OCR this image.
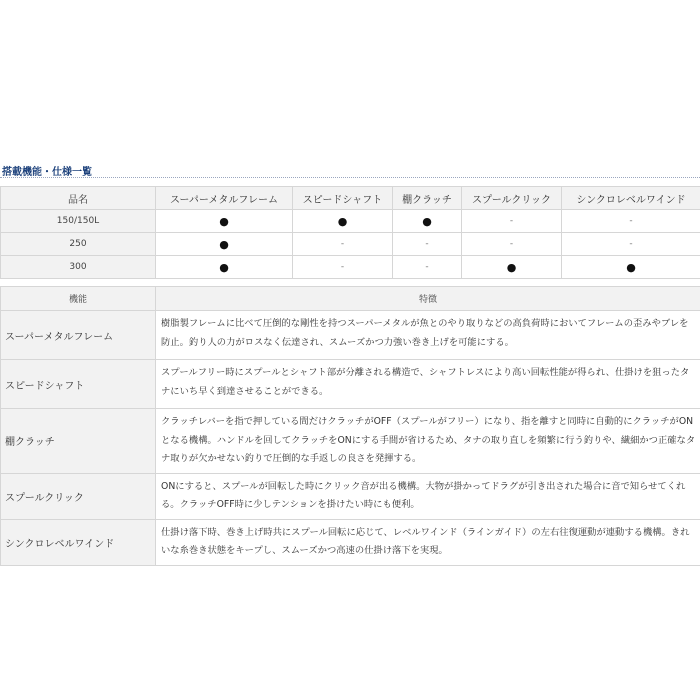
搭載機能・仕様一覧
品名	スーパーメタルフレーム	スピードシャフト	棚クラッチ	スプールクリック	シンクロレベルワインド
150/150L	●	●	●	-	-
250	●	-	-	-	-
300	●	-	-	●	●
機能	特徴
スーパーメタルフレーム	樹脂製フレームに比べて圧倒的な剛性を持つスーパーメタルが魚とのやり取りなどの高負荷時においてフレームの歪みやブレを防止。釣り人の力がロスなく伝達され、スムーズかつ力強い巻き上げを可能にする。
スピードシャフト	スプールフリー時にスプールとシャフト部が分離される構造で、シャフトレスにより高い回転性能が得られ、仕掛けを狙ったタナにいち早く到達させることができる。
棚クラッチ	クラッチレバーを指で押している間だけクラッチがOFF（スプールがフリー）になり、指を離すと同時に自動的にクラッチがONとなる機構。ハンドルを回してクラッチをONにする手間が省けるため、タナの取り直しを頻繁に行う釣りや、繊細かつ正確なタナ取りが欠かせない釣りで圧倒的な手返しの良さを発揮する。
スプールクリック	ONにすると、スプールが回転した時にクリック音が出る機構。大物が掛かってドラグが引き出された場合に音で知らせてくれる。クラッチOFF時に少しテンションを掛けたい時にも便利。
シンクロレベルワインド	仕掛け落下時、巻き上げ時共にスプール回転に応じて、レベルワインド（ラインガイド）の左右往復運動が連動する機構。きれいな糸巻き状態をキープし、スムーズかつ高速の仕掛け落下を実現。
